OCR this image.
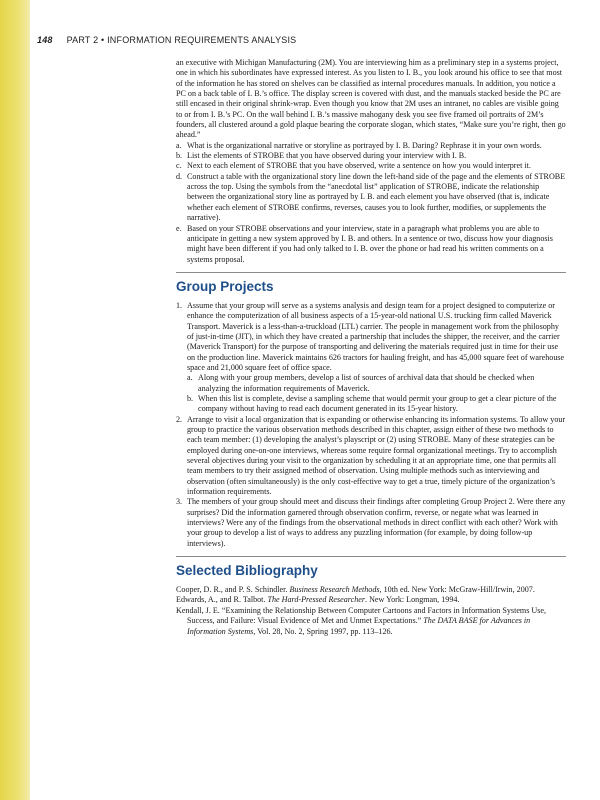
148 PART 2 • INFORMATION REQUIREMENTS ANALYSIS

an executive with Michigan Manufacturing (2M). You are interviewing him as a preliminary step in a systems project, one in which his subordinates have expressed interest. As you listen to I. B., you look around his office to see that most of the information he has stored on shelves can be classified as internal procedures manuals. In addition, you notice a PC on a back table of I. B.’s office. The display screen is covered with dust, and the manuals stacked beside the PC are still encased in their original shrink-wrap. Even though you know that 2M uses an intranet, no cables are visible going to or from I. B.’s PC. On the wall behind I. B.’s massive mahogany desk you see five framed oil portraits of 2M’s founders, all clustered around a gold plaque bearing the corporate slogan, which states, “Make sure you’re right, then go ahead.”

a. What is the organizational narrative or storyline as portrayed by I. B. Daring? Rephrase it in your own words.

b. List the elements of STROBE that you have observed during your interview with I. B.

c. Next to each element of STROBE that you have observed, write a sentence on how you would interpret it.

d. Construct a table with the organizational story line down the left-hand side of the page and the elements of STROBE across the top. Using the symbols from the “anecdotal list” application of STROBE, indicate the relationship between the organizational story line as portrayed by I. B. and each element you have observed (that is, indicate whether each element of STROBE confirms, reverses, causes you to look further, modifies, or supplements the narrative).

e. Based on your STROBE observations and your interview, state in a paragraph what problems you are able to anticipate in getting a new system approved by I. B. and others. In a sentence or two, discuss how your diagnosis might have been different if you had only talked to I. B. over the phone or had read his written comments on a systems proposal.

Group Projects

1. Assume that your group will serve as a systems analysis and design team for a project designed to computerize or enhance the computerization of all business aspects of a 15-year-old national U.S. trucking firm called Maverick Transport. Maverick is a less-than-a-truckload (LTL) carrier. The people in management work from the philosophy of just-in-time (JIT), in which they have created a partnership that includes the shipper, the receiver, and the carrier (Maverick Transport) for the purpose of transporting and delivering the materials required just in time for their use on the production line. Maverick maintains 626 tractors for hauling freight, and has 45,000 square feet of warehouse space and 21,000 square feet of office space.

a. Along with your group members, develop a list of sources of archival data that should be checked when analyzing the information requirements of Maverick.

b. When this list is complete, devise a sampling scheme that would permit your group to get a clear picture of the company without having to read each document generated in its 15-year history.

2. Arrange to visit a local organization that is expanding or otherwise enhancing its information systems. To allow your group to practice the various observation methods described in this chapter, assign either of these two methods to each team member: (1) developing the analyst’s playscript or (2) using STROBE. Many of these strategies can be employed during one-on-one interviews, whereas some require formal organizational meetings. Try to accomplish several objectives during your visit to the organization by scheduling it at an appropriate time, one that permits all team members to try their assigned method of observation. Using multiple methods such as interviewing and observation (often simultaneously) is the only cost-effective way to get a true, timely picture of the organization’s information requirements.

3. The members of your group should meet and discuss their findings after completing Group Project 2. Were there any surprises? Did the information garnered through observation confirm, reverse, or negate what was learned in interviews? Were any of the findings from the observational methods in direct conflict with each other? Work with your group to develop a list of ways to address any puzzling information (for example, by doing follow-up interviews).

Selected Bibliography

Cooper, D. R., and P. S. Schindler. Business Research Methods, 10th ed. New York: McGraw-Hill/Irwin, 2007.

Edwards, A., and R. Talbot. The Hard-Pressed Researcher. New York: Longman, 1994.

Kendall, J. E. “Examining the Relationship Between Computer Cartoons and Factors in Information Systems Use, Success, and Failure: Visual Evidence of Met and Unmet Expectations.” The DATA BASE for Advances in Information Systems, Vol. 28, No. 2, Spring 1997, pp. 113–126.
